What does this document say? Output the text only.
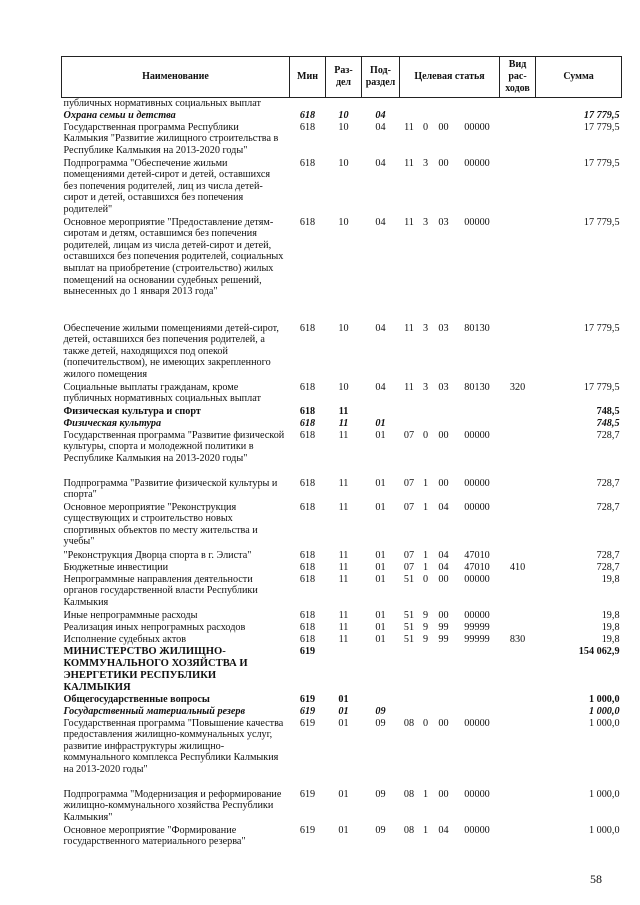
Наименование	Мин	Раз-дел	Под-раздел	Целевая статья				Вид рас-ходов	Сумма
публичных нормативных социальных выплат									
Охрана семьи и детства	618	10	04						17 779,5
Государственная программа Республики Калмыкия "Развитие жилищного строительства в Республике Калмыкия на 2013-2020 годы"	618	10	04	11	0	00	00000		17 779,5
Подпрограмма "Обеспечение жильми помещениями детей-сирот и детей, оставшихся без попечения родителей, лиц из числа детей-сирот и детей, оставшихся без попечения родителей"	618	10	04	11	3	00	00000		17 779,5
Основное мероприятие "Предоставление детям-сиротам и детям, оставшимся без попечения родителей, лицам из числа детей-сирот и детей, оставшихся без попечения родителей, социальных выплат на приобретение (строительство) жилых помещений на основании судебных решений, вынесенных до 1 января 2013 года"	618	10	04	11	3	03	00000		17 779,5
Обеспечение жилыми помещениями детей-сирот, детей, оставшихся без попечения родителей, а также детей, находящихся под опекой (попечительством), не имеющих закрепленного жилого помещения	618	10	04	11	3	03	80130		17 779,5
Социальные выплаты гражданам, кроме публичных нормативных социальных выплат	618	10	04	11	3	03	80130	320	17 779,5
Физическая культура и спорт	618	11							748,5
Физическая культура	618	11	01						748,5
Государственная программа "Развитие физической культуры, спорта и молодежной политики в Республике Калмыкия на 2013-2020 годы"	618	11	01	07	0	00	00000		728,7
Подпрограмма "Развитие физической культуры и спорта"	618	11	01	07	1	00	00000		728,7
Основное мероприятие "Реконструкция существующих и строительство новых спортивных объектов по месту жительства и учебы"	618	11	01	07	1	04	00000		728,7
"Реконструкция Дворца спорта в г. Элиста"	618	11	01	07	1	04	47010		728,7
Бюджетные инвестиции	618	11	01	07	1	04	47010	410	728,7
Непрограммные направления деятельности органов государственной власти Республики Калмыкия	618	11	01	51	0	00	00000		19,8
Иные непрограммные расходы	618	11	01	51	9	00	00000		19,8
Реализация иных непрограмных расходов	618	11	01	51	9	99	99999		19,8
Исполнение судебных актов	618	11	01	51	9	99	99999	830	19,8
МИНИСТЕРСТВО ЖИЛИЩНО-КОММУНАЛЬНОГО ХОЗЯЙСТВА И ЭНЕРГЕТИКИ РЕСПУБЛИКИ КАЛМЫКИЯ	619								154 062,9
Общегосударственные вопросы	619	01							1 000,0
Государственный материальный резерв	619	01	09						1 000,0
Государственная программа "Повышение качества предоставления жилищно-коммунальных услуг, развитие инфраструктуры жилищно-коммунального комплекса Республики Калмыкия на 2013-2020 годы"	619	01	09	08	0	00	00000		1 000,0
Подпрограмма "Модернизация и реформирование жилищно-коммунального хозяйства Республики Калмыкия"	619	01	09	08	1	00	00000		1 000,0
Основное мероприятие "Формирование государственного материального резерва"	619	01	09	08	1	04	00000		1 000,0
58
